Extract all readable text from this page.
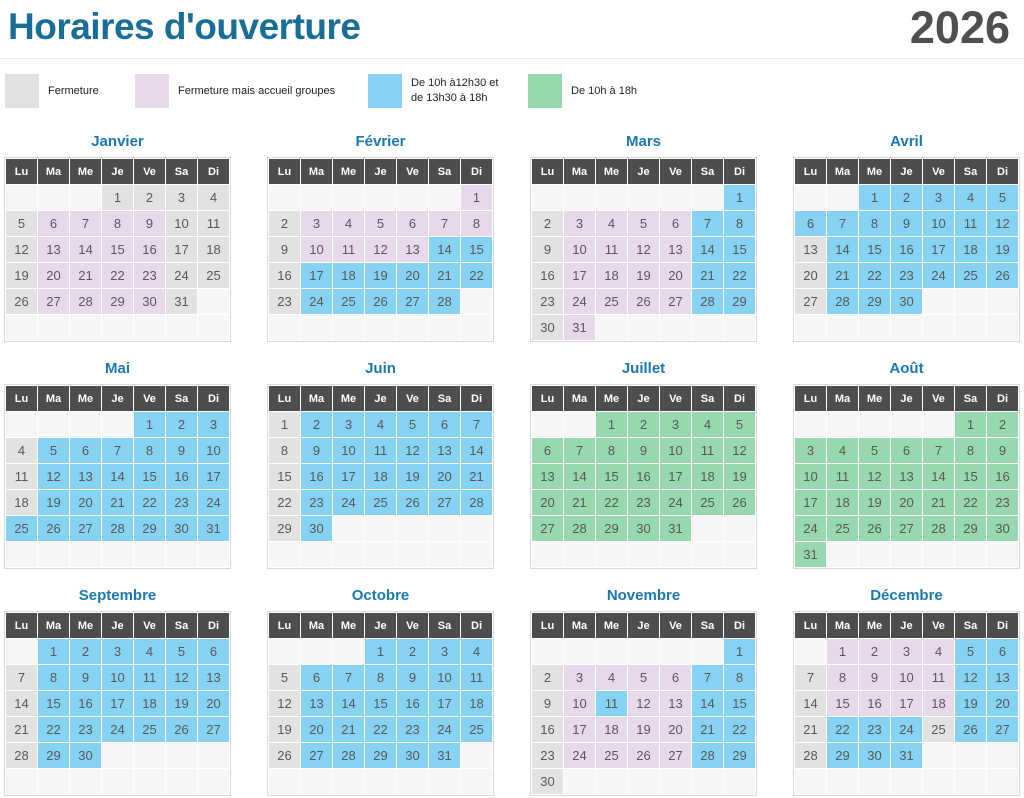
Horaires d'ouverture	2026
Fermeture	Fermeture mais accueil groupes
De 10h à12h30 et
de 13h30 à 18h
De 10h à 18h
Janvier
Lu	Ma	Me	Je	Ve	Sa	Di
			1	2	3	4
5	6	7	8	9	10	11
12	13	14	15	16	17	18
19	20	21	22	23	24	25
26	27	28	29	30	31	

Février
Lu	Ma	Me	Je	Ve	Sa	Di
						1
2	3	4	5	6	7	8
9	10	11	12	13	14	15
16	17	18	19	20	21	22
23	24	25	26	27	28	

Mars
Lu	Ma	Me	Je	Ve	Sa	Di
						1
2	3	4	5	6	7	8
9	10	11	12	13	14	15
16	17	18	19	20	21	22
23	24	25	26	27	28	29
30	31					
Avril
Lu	Ma	Me	Je	Ve	Sa	Di
		1	2	3	4	5
6	7	8	9	10	11	12
13	14	15	16	17	18	19
20	21	22	23	24	25	26
27	28	29	30			

Mai
Lu	Ma	Me	Je	Ve	Sa	Di
				1	2	3
4	5	6	7	8	9	10
11	12	13	14	15	16	17
18	19	20	21	22	23	24
25	26	27	28	29	30	31

Juin
Lu	Ma	Me	Je	Ve	Sa	Di
1	2	3	4	5	6	7
8	9	10	11	12	13	14
15	16	17	18	19	20	21
22	23	24	25	26	27	28
29	30					

Juillet
Lu	Ma	Me	Je	Ve	Sa	Di
		1	2	3	4	5
6	7	8	9	10	11	12
13	14	15	16	17	18	19
20	21	22	23	24	25	26
27	28	29	30	31		

Août
Lu	Ma	Me	Je	Ve	Sa	Di
					1	2
3	4	5	6	7	8	9
10	11	12	13	14	15	16
17	18	19	20	21	22	23
24	25	26	27	28	29	30
31						
Septembre
Lu	Ma	Me	Je	Ve	Sa	Di
	1	2	3	4	5	6
7	8	9	10	11	12	13
14	15	16	17	18	19	20
21	22	23	24	25	26	27
28	29	30				

Octobre
Lu	Ma	Me	Je	Ve	Sa	Di
			1	2	3	4
5	6	7	8	9	10	11
12	13	14	15	16	17	18
19	20	21	22	23	24	25
26	27	28	29	30	31	

Novembre
Lu	Ma	Me	Je	Ve	Sa	Di
						1
2	3	4	5	6	7	8
9	10	11	12	13	14	15
16	17	18	19	20	21	22
23	24	25	26	27	28	29
30						
Décembre
Lu	Ma	Me	Je	Ve	Sa	Di
	1	2	3	4	5	6
7	8	9	10	11	12	13
14	15	16	17	18	19	20
21	22	23	24	25	26	27
28	29	30	31			
